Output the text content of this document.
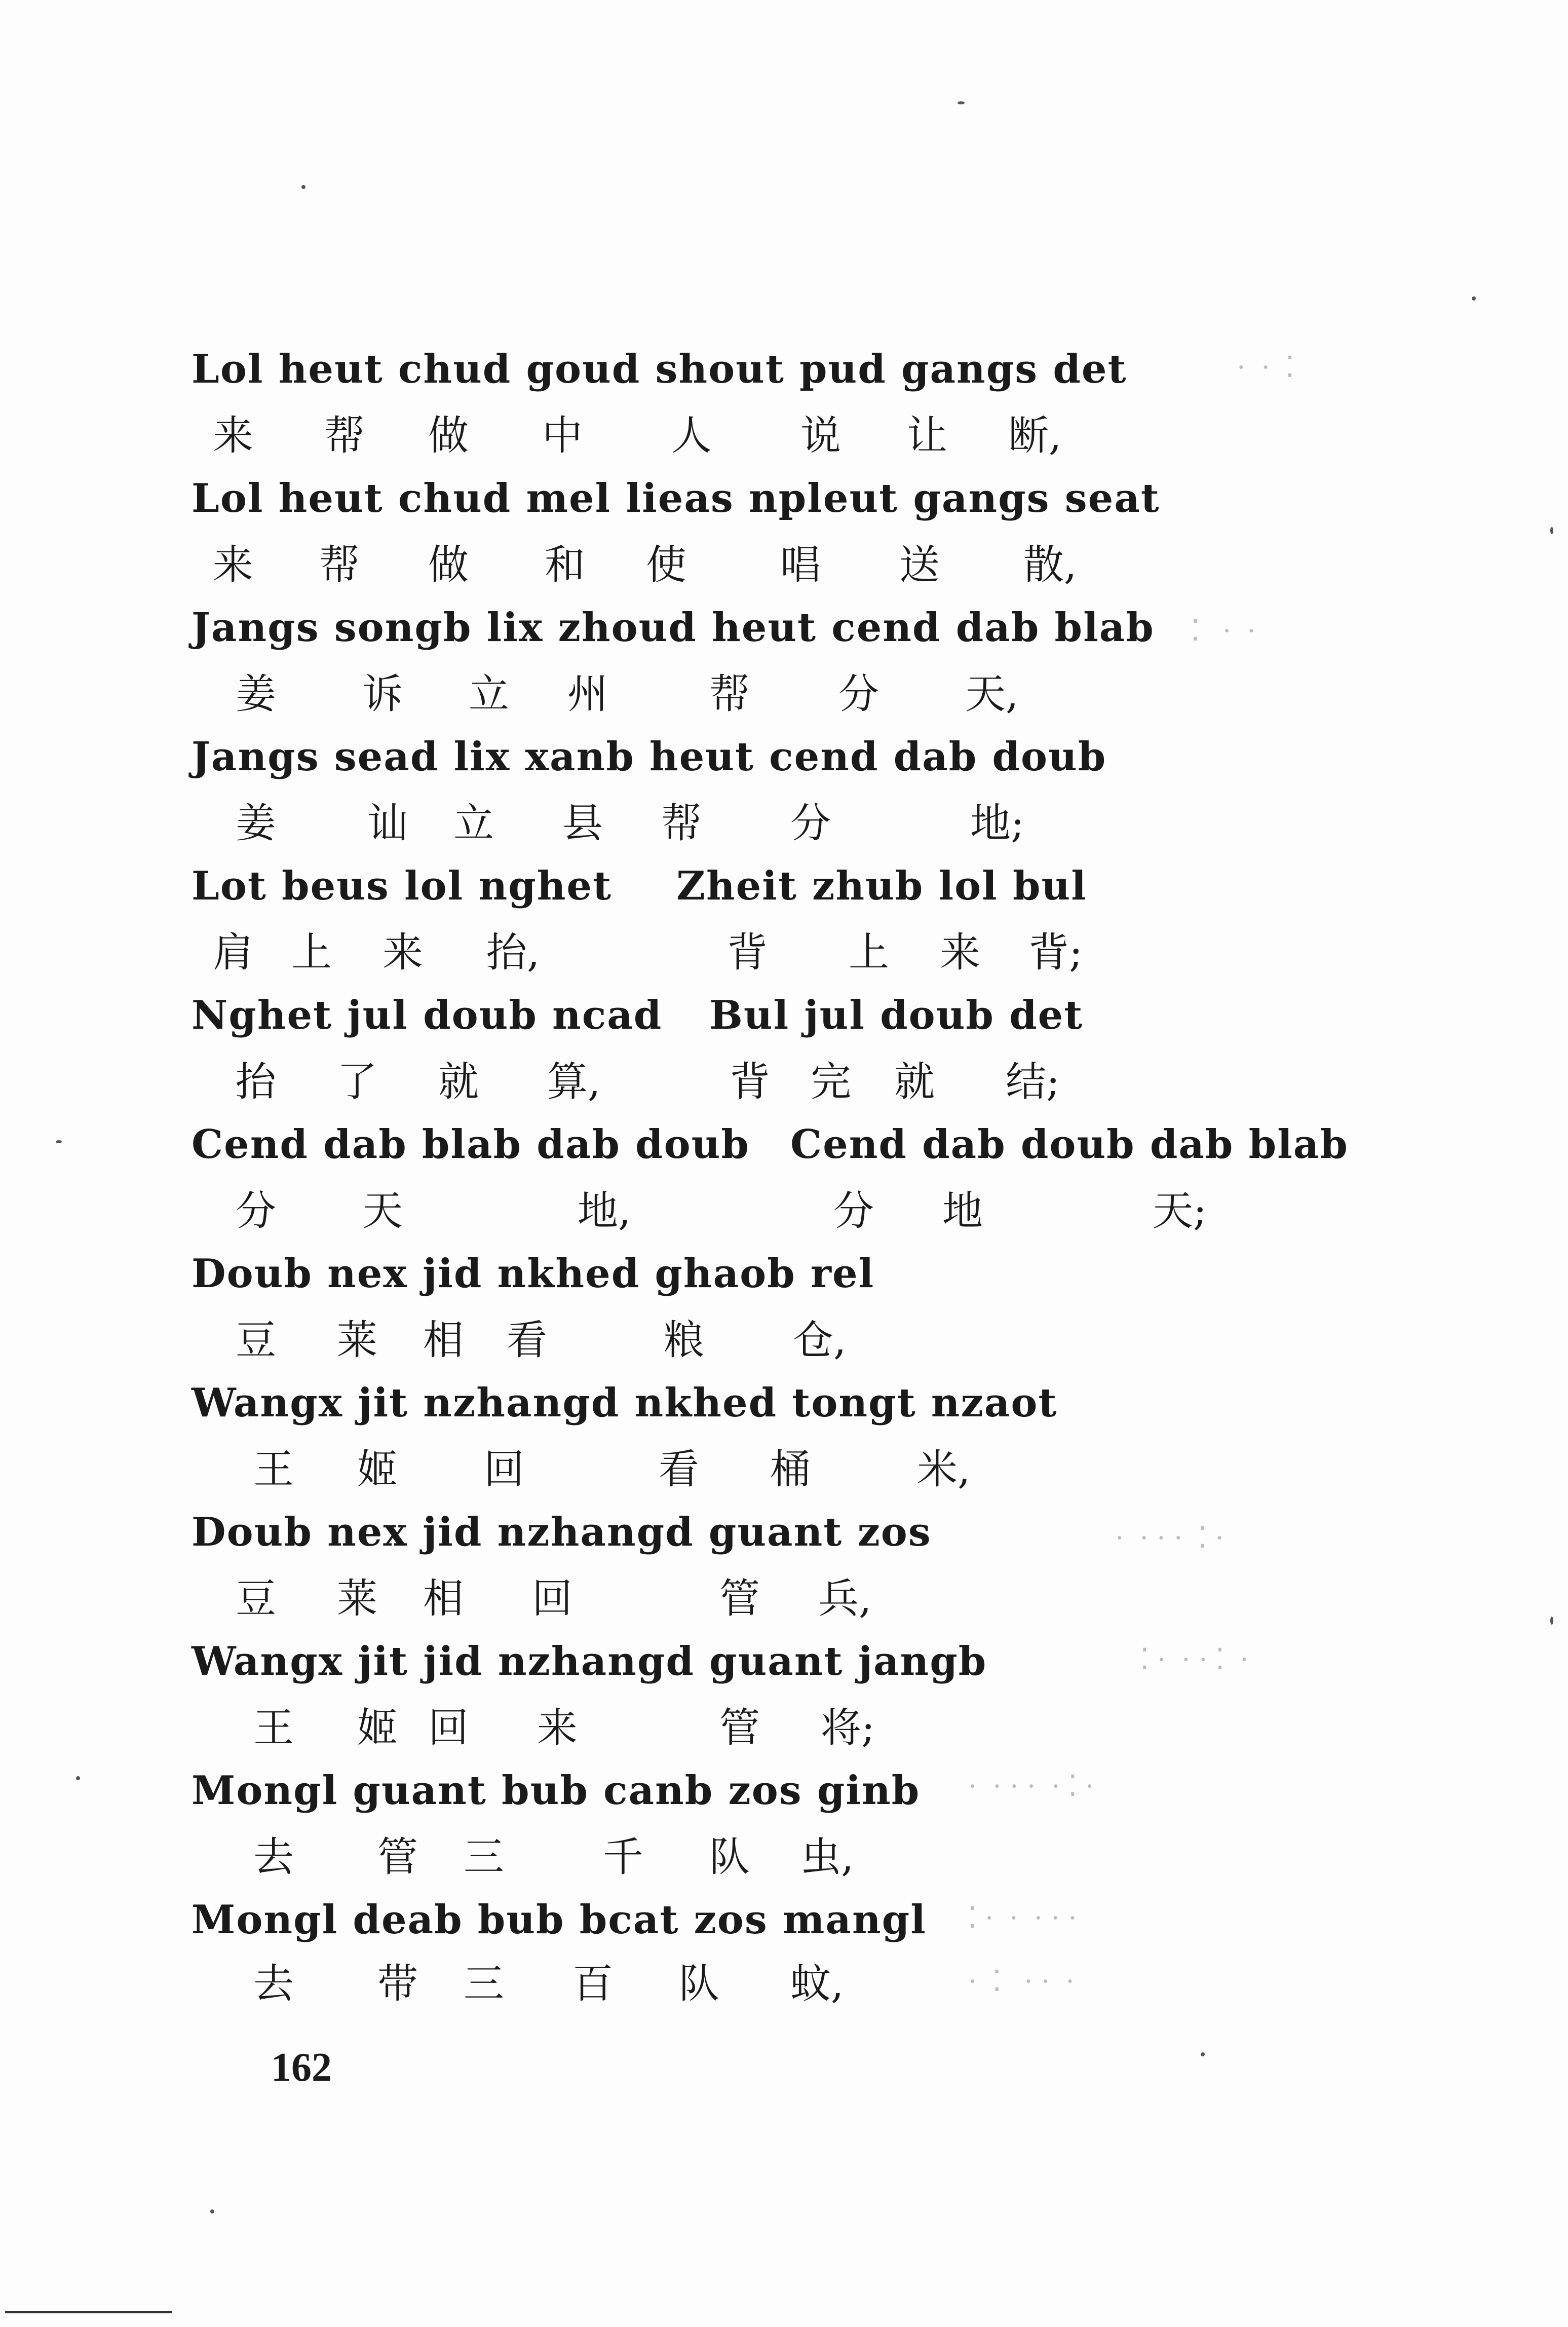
Lol heut chud goud shout pud gangs det
来 帮 做 中 人 说 让 断,
Lol heut chud mel lieas npleut gangs seat
来 帮 做 和 使 唱 送 散,
Jangs songb lix zhoud heut cend dab blab
姜 诉 立 州	帮 分 天,
Jangs sead lix xanb heut cend dab doub
姜 讪 立 县 帮 分	地;
Lot beus lol nghet Zheit zhub lol bul
肩 上 来 抬,	背 上 来 背;
Nghet jul doub ncad Bul jul doub det
抬 了 就 算,	背 完 就 结;
Cend dab blab dab doub Cend dab doub dab blab
分 天	地,	分 地	天;
Doub nex jid nkhed ghaob rel
豆 莱 相 看	粮 仓,
Wangx jit nzhangd nkhed tongt nzaot
王 姬 回	看 桶	米,
Doub nex jid nzhangd guant zos
豆 莱 相 回	管 兵,
Wangx jit jid nzhangd guant jangb
王 姬 回 来	管 将;
Mongl guant bub canb zos ginb
去 管 三 千 队 虫,
Mongl deab bub bcat zos mangl
去 带 三 百 队 蚊,
162
·  ·  ⁚
⁚   ·  ·
·  · · ·  ⁚ ·
⁚ ·  · · ⁚  ·
·  · · ·  · ⁚ ·
⁚ ·  ·  · · ·
·  ⁚   · ·  ·
